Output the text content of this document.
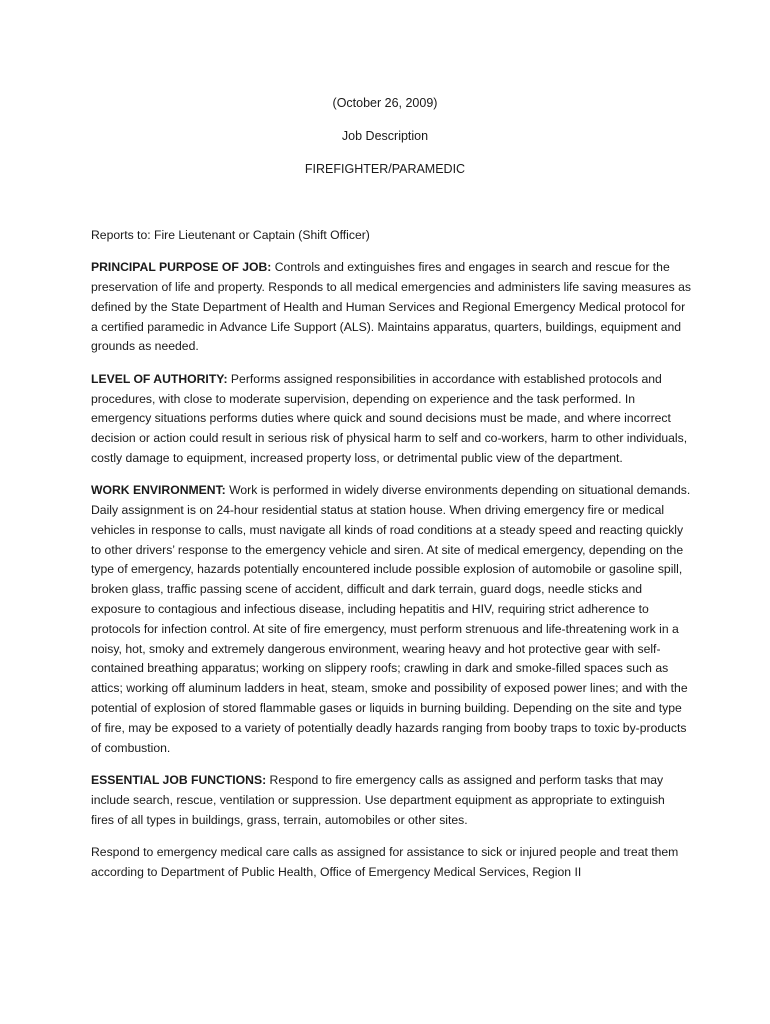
(October 26, 2009)
Job Description
FIREFIGHTER/PARAMEDIC

Reports to: Fire Lieutenant or Captain (Shift Officer)

PRINCIPAL PURPOSE OF JOB: Controls and extinguishes fires and engages in search and rescue for the preservation of life and property. Responds to all medical emergencies and administers life saving measures as defined by the State Department of Health and Human Services and Regional Emergency Medical protocol for a certified paramedic in Advance Life Support (ALS). Maintains apparatus, quarters, buildings, equipment and grounds as needed.

LEVEL OF AUTHORITY: Performs assigned responsibilities in accordance with established protocols and procedures, with close to moderate supervision, depending on experience and the task performed. In emergency situations performs duties where quick and sound decisions must be made, and where incorrect decision or action could result in serious risk of physical harm to self and co-workers, harm to other individuals, costly damage to equipment, increased property loss, or detrimental public view of the department.

WORK ENVIRONMENT: Work is performed in widely diverse environments depending on situational demands. Daily assignment is on 24-hour residential status at station house. When driving emergency fire or medical vehicles in response to calls, must navigate all kinds of road conditions at a steady speed and reacting quickly to other drivers’ response to the emergency vehicle and siren. At site of medical emergency, depending on the type of emergency, hazards potentially encountered include possible explosion of automobile or gasoline spill, broken glass, traffic passing scene of accident, difficult and dark terrain, guard dogs, needle sticks and exposure to contagious and infectious disease, including hepatitis and HIV, requiring strict adherence to protocols for infection control. At site of fire emergency, must perform strenuous and life-threatening work in a noisy, hot, smoky and extremely dangerous environment, wearing heavy and hot protective gear with self-contained breathing apparatus; working on slippery roofs; crawling in dark and smoke-filled spaces such as attics; working off aluminum ladders in heat, steam, smoke and possibility of exposed power lines; and with the potential of explosion of stored flammable gases or liquids in burning building. Depending on the site and type of fire, may be exposed to a variety of potentially deadly hazards ranging from booby traps to toxic by-products of combustion.

ESSENTIAL JOB FUNCTIONS: Respond to fire emergency calls as assigned and perform tasks that may include search, rescue, ventilation or suppression. Use department equipment as appropriate to extinguish fires of all types in buildings, grass, terrain, automobiles or other sites.

Respond to emergency medical care calls as assigned for assistance to sick or injured people and treat them according to Department of Public Health, Office of Emergency Medical Services, Region II
